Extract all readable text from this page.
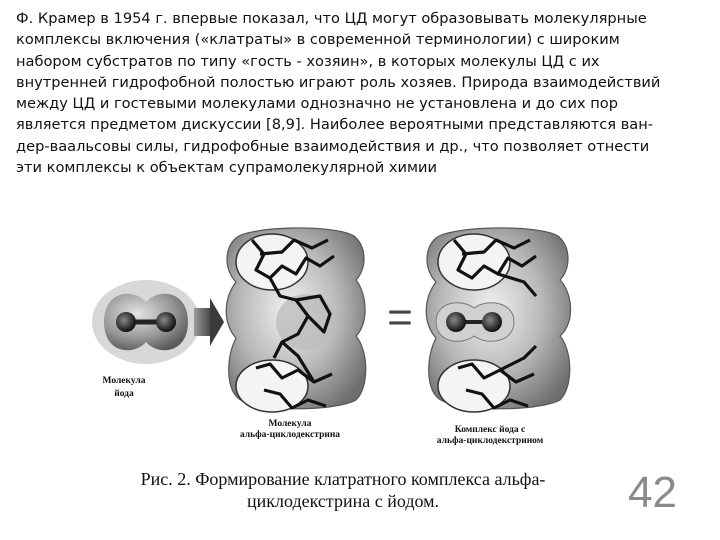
Ф. Крамер в 1954 г. впервые показал, что ЦД могут образовывать молекулярные
комплексы включения («клатраты» в современной терминологии) с широким
набором субстратов по типу «гость - хозяин», в которых молекулы ЦД с их
внутренней гидрофобной полостью играют роль хозяев. Природа взаимодействий
между ЦД и гостевыми молекулами однозначно не установлена и до сих пор
является предметом дискуссии [8,9]. Наиболее вероятными представляются ван-
дер-ваальсовы силы, гидрофобные взаимодействия и др., что позволяет отнести
эти комплексы к объектам супрамолекулярной химии

Молекула
йода
Молекула
альфа-циклодекстрина
=
Комплекс йода с
альфа-циклодекстрином
Рис. 2. Формирование клатратного комплекса альфа-
циклодекстрина с йодом.	42
